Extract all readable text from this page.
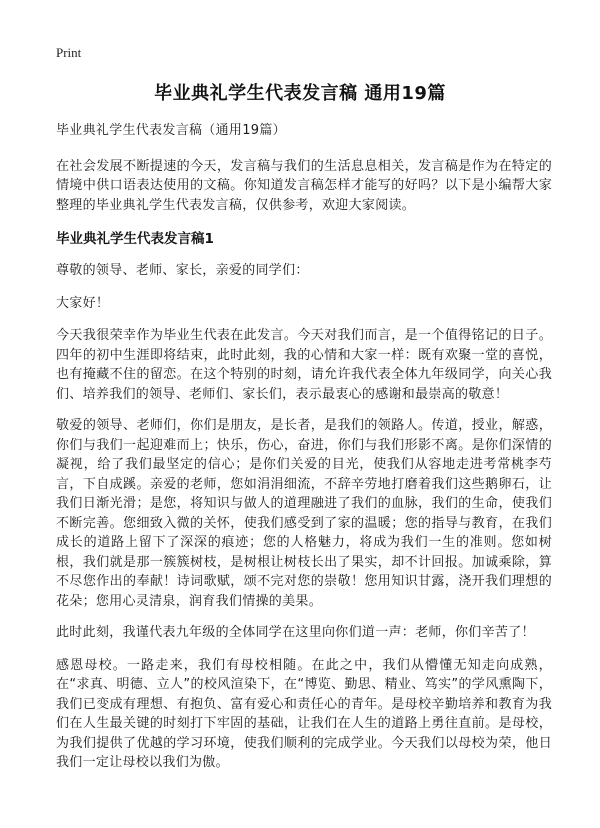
Print
毕业典礼学生代表发言稿 通用19篇

毕业典礼学生代表发言稿（通用19篇）

在社会发展不断提速的今天，发言稿与我们的生活息息相关，发言稿是作为在特定的情境中供口语表达使用的文稿。你知道发言稿怎样才能写的好吗？以下是小编帮大家整理的毕业典礼学生代表发言稿，仅供参考，欢迎大家阅读。

毕业典礼学生代表发言稿1

尊敬的领导、老师、家长，亲爱的同学们：

大家好！

今天我很荣幸作为毕业生代表在此发言。今天对我们而言，是一个值得铭记的日子。四年的初中生涯即将结束，此时此刻，我的心情和大家一样：既有欢聚一堂的喜悦，也有掩藏不住的留恋。在这个特别的时刻，请允许我代表全体九年级同学，向关心我们、培养我们的领导、老师们、家长们，表示最衷心的感谢和最崇高的敬意！

敬爱的领导、老师们，你们是朋友，是长者，是我们的领路人。传道，授业，解惑，你们与我们一起迎难而上；快乐，伤心，奋进，你们与我们形影不离。是你们深情的凝视，给了我们最坚定的信心；是你们关爱的目光，使我们从容地走进考常桃李芍言，下自成蹊。亲爱的老师，您如涓涓细流，不辞辛劳地打磨着我们这些鹅卵石，让我们日渐光滑；是您，将知识与做人的道理融进了我们的血脉，我们的生命，使我们不断完善。您细致入微的关怀，使我们感受到了家的温暖；您的指导与教育，在我们成长的道路上留下了深深的痕迹；您的人格魅力，将成为我们一生的准则。您如树根，我们就是那一簇簇树枝，是树根让树枝长出了果实，却不计回报。加诚乘除，算不尽您作出的奉献！诗词歌赋，颂不完对您的崇敬！您用知识甘露，浇开我们理想的花朵；您用心灵清泉，润育我们情操的美果。

此时此刻，我谨代表九年级的全体同学在这里向你们道一声：老师，你们辛苦了！

感恩母校。一路走来，我们有母校相随。在此之中，我们从懵懂无知走向成熟，在“求真、明德、立人”的校风渲染下，在“博览、勤思、精业、笃实”的学风熏陶下，我们已变成有理想、有抱负、富有爱心和责任心的青年。是母校辛勤培养和教育为我们在人生最关键的时刻打下牢固的基础，让我们在人生的道路上勇往直前。是母校，为我们提供了优越的学习环境，使我们顺利的完成学业。今天我们以母校为荣，他日我们一定让母校以我们为傲。
